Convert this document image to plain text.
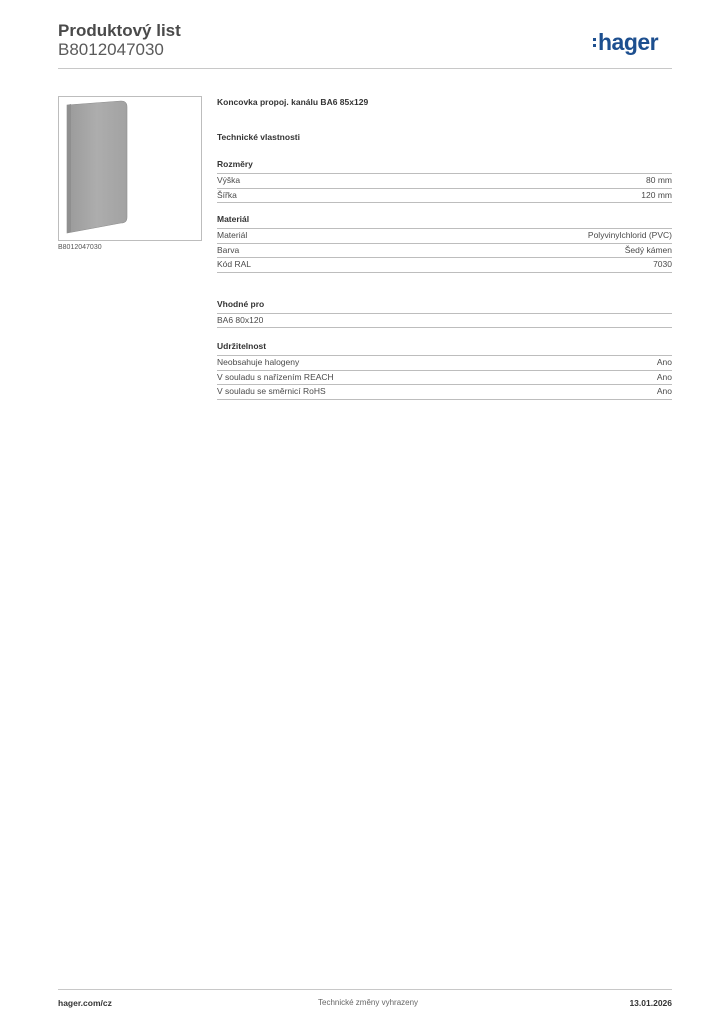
Produktový list
B8012047030	hager
B8012047030
Koncovka propoj. kanálu BA6 85x129
Technické vlastnosti
Rozměry
Výška	80 mm
Šířka	120 mm
Materiál
Materiál	Polyvinylchlorid (PVC)
Barva	Šedý kámen
Kód RAL	7030
Vhodné pro
BA6 80x120
Udržitelnost
Neobsahuje halogeny	Ano
V souladu s nařízením REACH	Ano
V souladu se směrnicí RoHS	Ano
hager.com/cz	Technické změny vyhrazeny	13.01.2026
